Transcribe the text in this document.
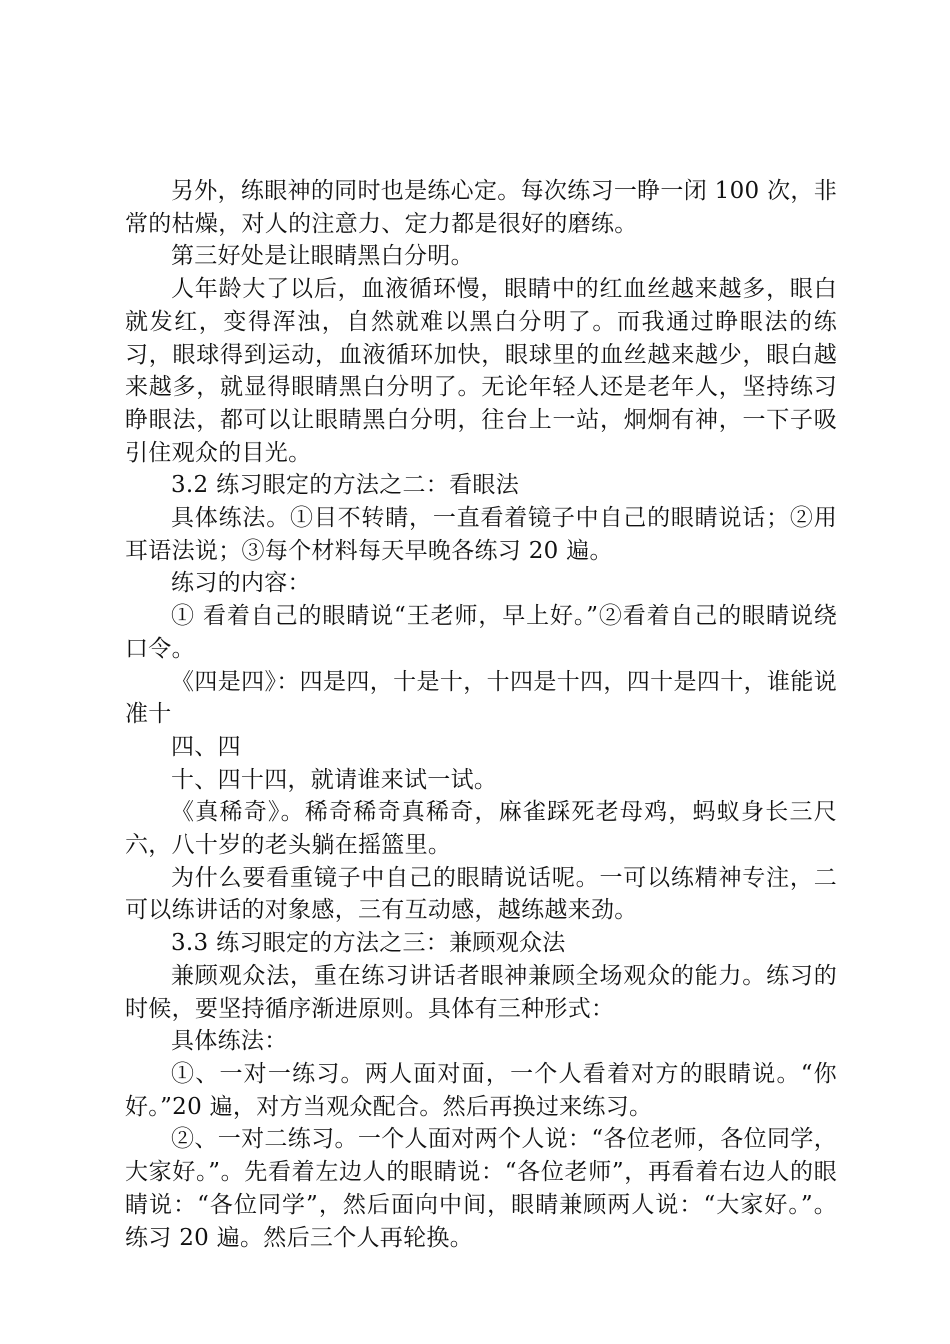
另外，练眼神的同时也是练心定。每次练习一睁一闭 100 次，非常的枯燥，对人的注意力、定力都是很好的磨练。

第三好处是让眼睛黑白分明。

人年龄大了以后，血液循环慢，眼睛中的红血丝越来越多，眼白就发红，变得浑浊，自然就难以黑白分明了。而我通过睁眼法的练习，眼球得到运动，血液循环加快，眼球里的血丝越来越少，眼白越来越多，就显得眼睛黑白分明了。无论年轻人还是老年人，坚持练习睁眼法，都可以让眼睛黑白分明，往台上一站，炯炯有神，一下子吸引住观众的目光。

3.2 练习眼定的方法之二：看眼法

具体练法。①目不转睛，一直看着镜子中自己的眼睛说话；②用耳语法说；③每个材料每天早晚各练习 20 遍。

练习的内容：

① 看着自己的眼睛说“王老师，早上好。”②看着自己的眼睛说绕口令。

《四是四》：四是四，十是十，十四是十四，四十是四十，谁能说准十

四、四

十、四十四，就请谁来试一试。

《真稀奇》。稀奇稀奇真稀奇，麻雀踩死老母鸡，蚂蚁身长三尺六，八十岁的老头躺在摇篮里。

为什么要看重镜子中自己的眼睛说话呢。一可以练精神专注，二可以练讲话的对象感，三有互动感，越练越来劲。

3.3 练习眼定的方法之三：兼顾观众法

兼顾观众法，重在练习讲话者眼神兼顾全场观众的能力。练习的时候，要坚持循序渐进原则。具体有三种形式：

具体练法：

①、一对一练习。两人面对面，一个人看着对方的眼睛说。“你好。”20 遍，对方当观众配合。然后再换过来练习。

②、一对二练习。一个人面对两个人说：“各位老师，各位同学，大家好。”。先看着左边人的眼睛说：“各位老师”，再看着右边人的眼睛说：“各位同学”，然后面向中间，眼睛兼顾两人说：“大家好。”。练习 20 遍。然后三个人再轮换。
